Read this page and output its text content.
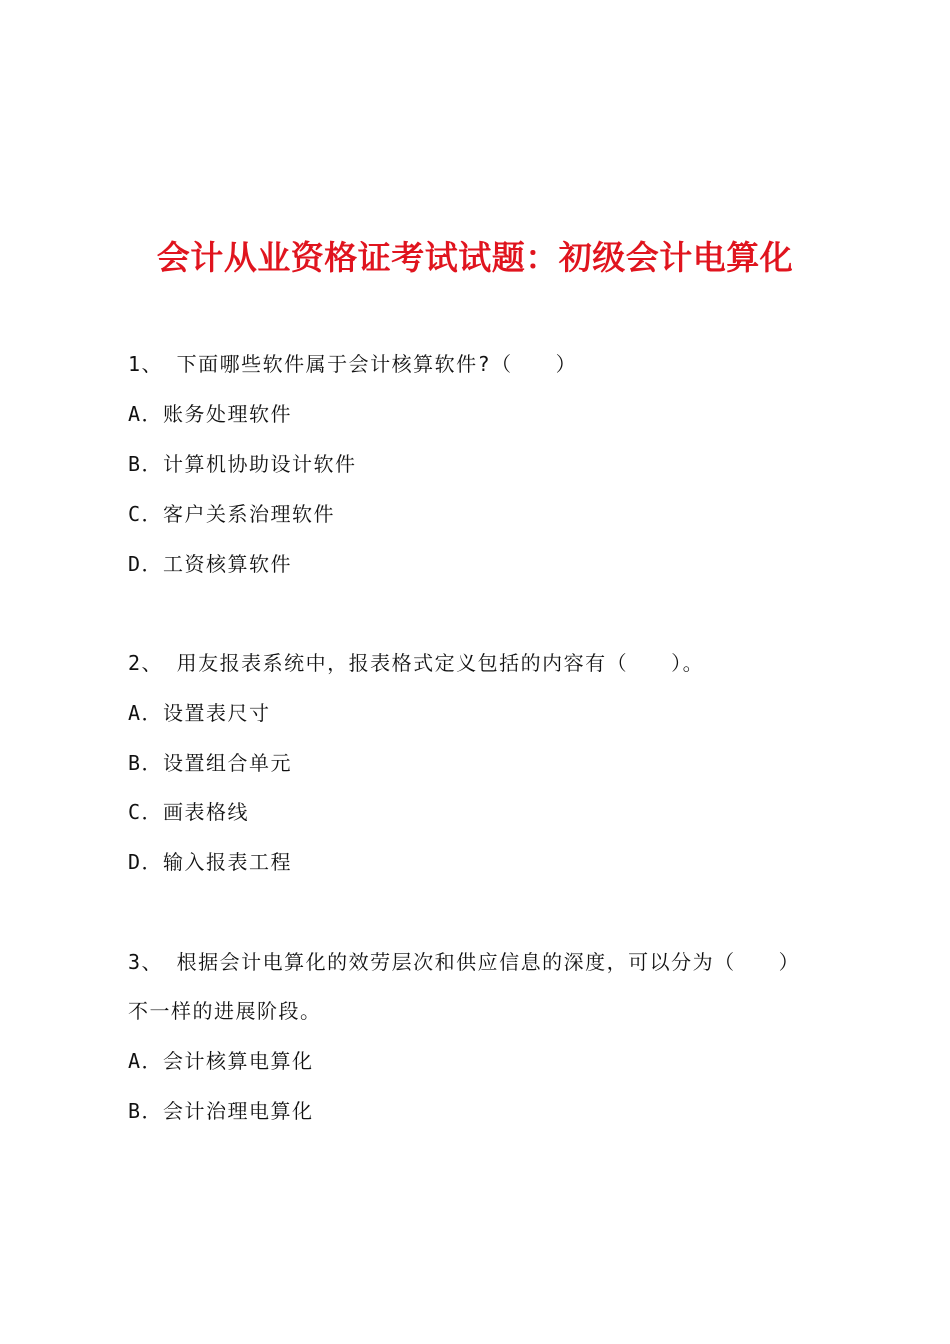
会计从业资格证考试试题：初级会计电算化
1、 下面哪些软件属于会计核算软件?（　　）
A．账务处理软件
B．计算机协助设计软件
C．客户关系治理软件
D．工资核算软件
2、 用友报表系统中，报表格式定义包括的内容有（　　）。
A．设置表尺寸
B．设置组合单元
C．画表格线
D．输入报表工程
3、 根据会计电算化的效劳层次和供应信息的深度，可以分为（　　）
不一样的进展阶段。
A．会计核算电算化
B．会计治理电算化
